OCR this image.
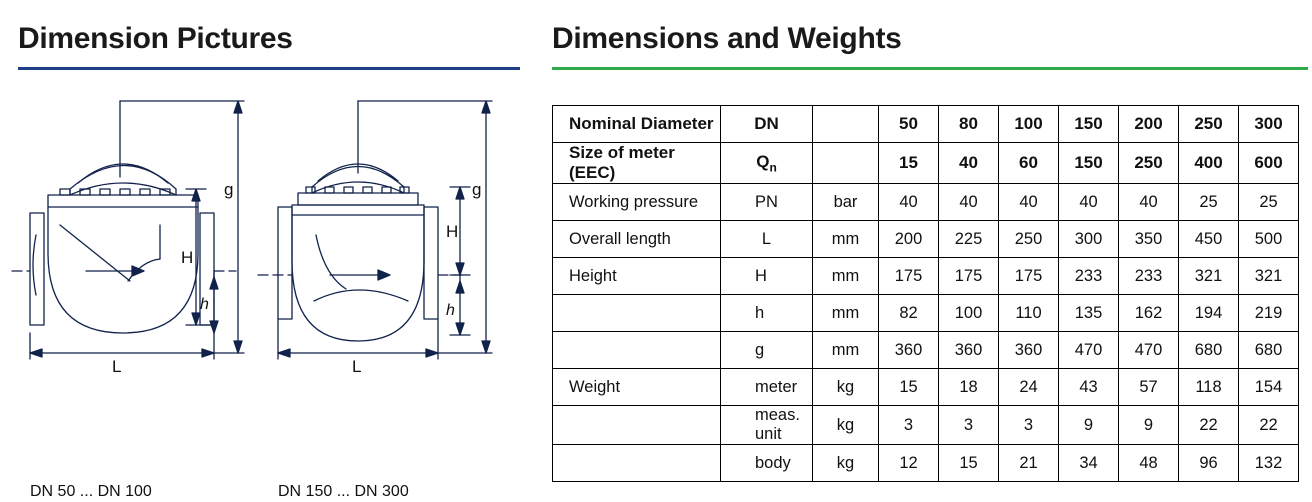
Dimension Pictures
L
H
h
g
L
H
h
g
DN 50 ... DN 100	DN 150 ... DN 300
Dimensions and Weights
Nominal Diameter	DN		50	80	100	150	200	250	300
Size of meter (EEC)	$Q_n$		15	40	60	150	250	400	600
Working pressure	PN	bar	40	40	40	40	40	25	25
Overall length	L	mm	200	225	250	300	350	450	500
Height	H	mm	175	175	175	233	233	321	321
	h	mm	82	100	110	135	162	194	219
	g	mm	360	360	360	470	470	680	680
Weight	meter	kg	15	18	24	43	57	118	154
	meas. unit	kg	3	3	3	9	9	22	22
	body	kg	12	15	21	34	48	96	132
